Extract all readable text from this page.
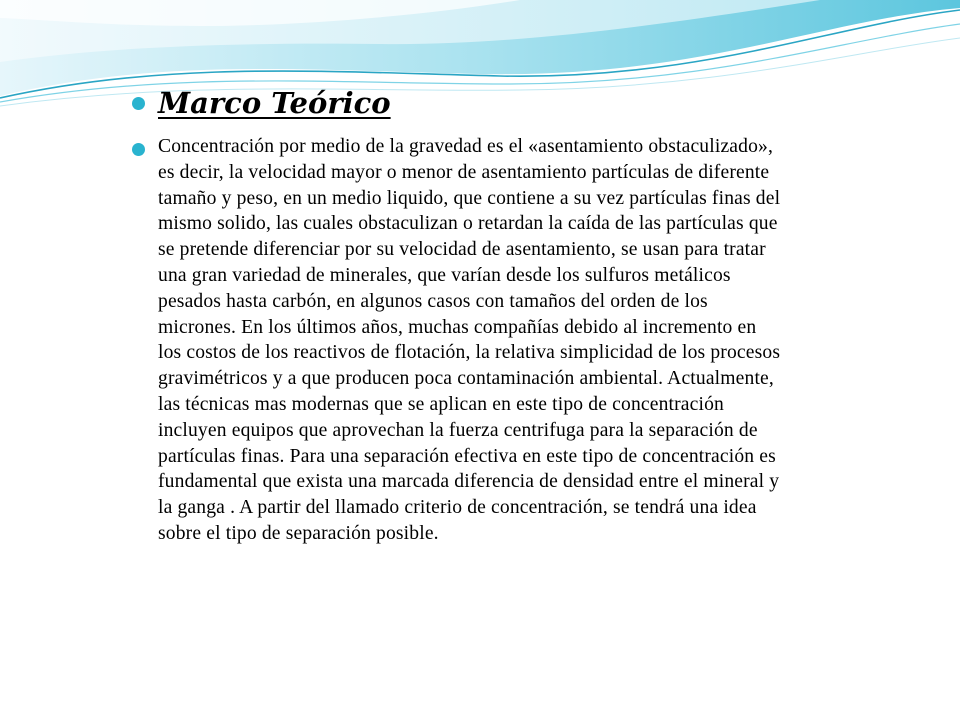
Marco Teórico

Concentración por medio de la gravedad es el «asentamiento obstaculizado», es decir, la velocidad mayor o menor de asentamiento partículas de diferente tamaño y peso, en un medio liquido, que contiene a su vez partículas finas del mismo solido, las cuales obstaculizan o retardan la caída de las partículas que se pretende diferenciar por su velocidad de asentamiento, se usan para tratar una gran variedad de minerales, que varían desde los sulfuros metálicos pesados hasta carbón, en algunos casos con tamaños del orden de los micrones. En los últimos años, muchas compañías debido al incremento en los costos de los reactivos de flotación, la relativa simplicidad de los procesos gravimétricos y a que producen poca contaminación ambiental. Actualmente, las técnicas mas modernas que se aplican en este tipo de concentración incluyen equipos que aprovechan la fuerza centrifuga para la separación de partículas finas. Para una separación efectiva en este tipo de concentración es fundamental que exista una marcada diferencia de densidad entre el mineral y la ganga . A partir del llamado criterio de concentración, se tendrá una idea sobre el tipo de separación posible.
